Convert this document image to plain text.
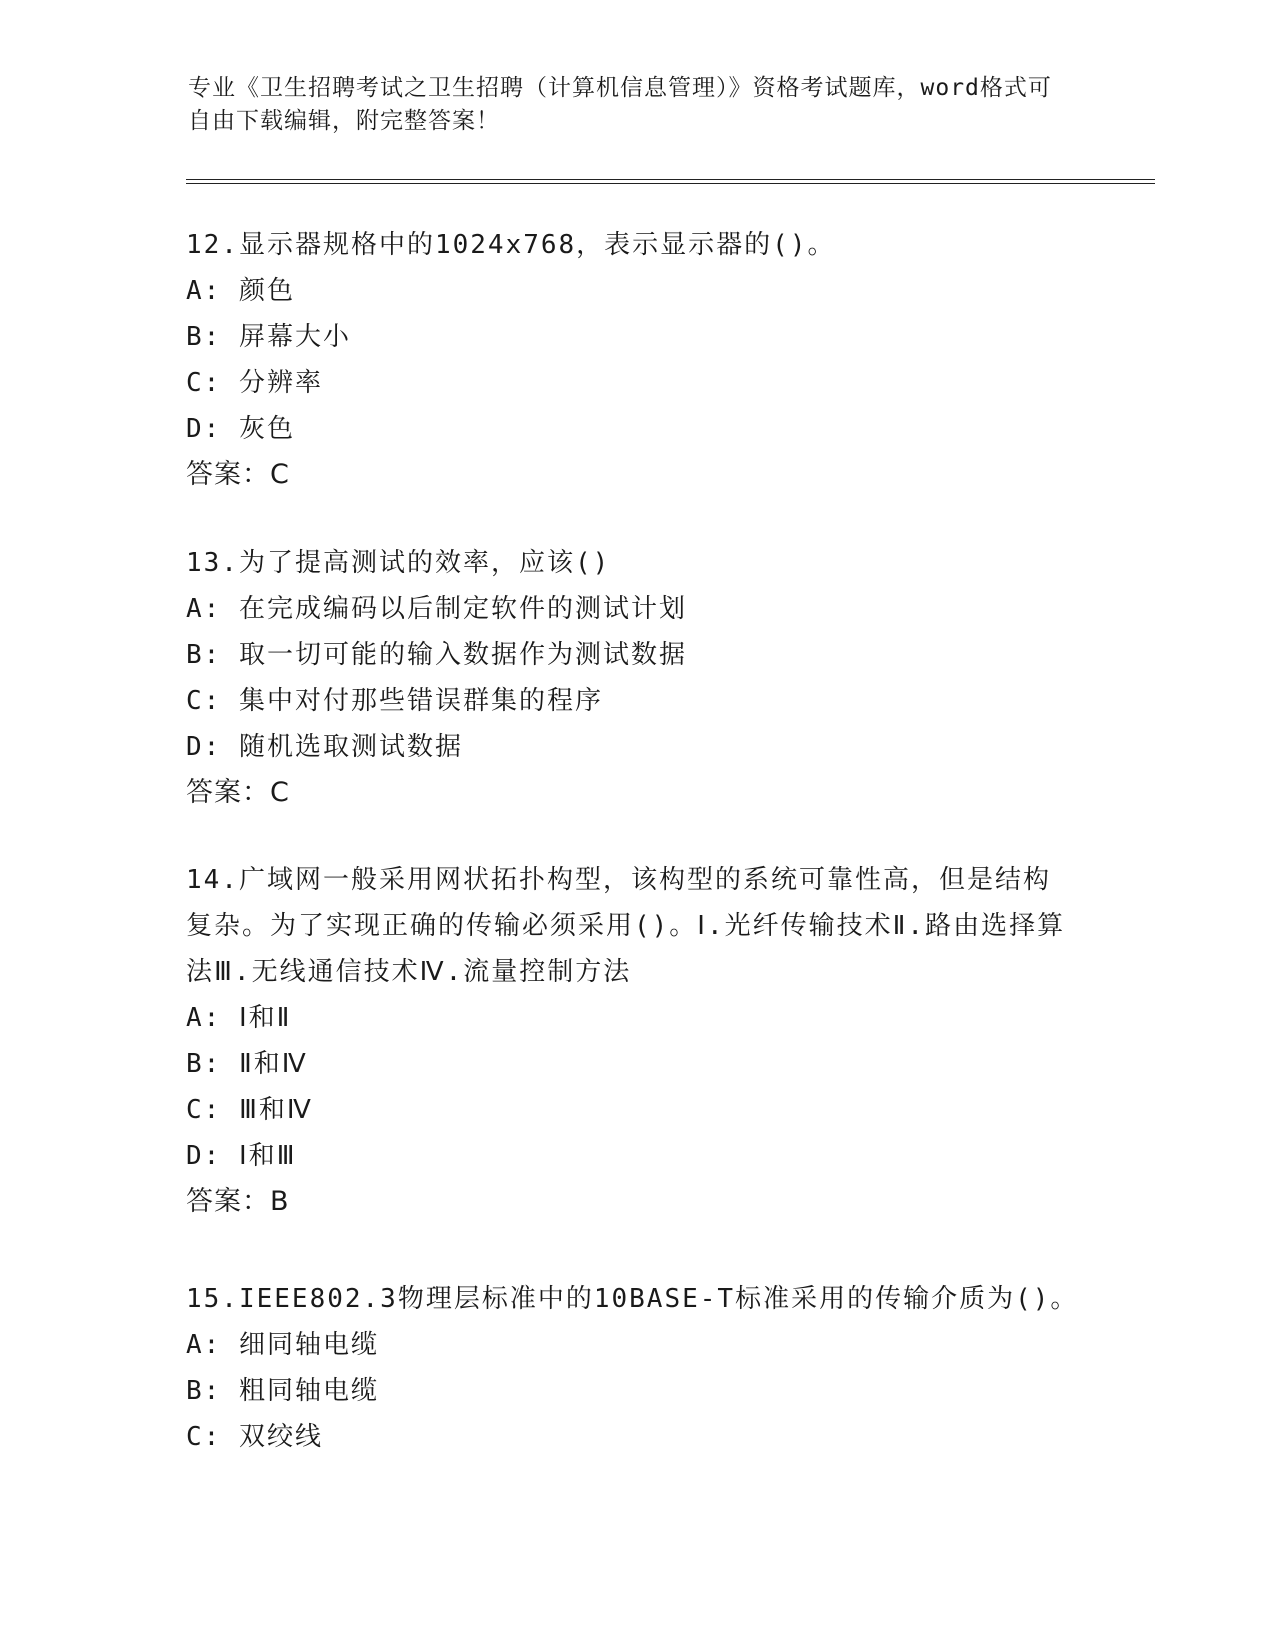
专业《卫生招聘考试之卫生招聘（计算机信息管理）》资格考试题库，word格式可自由下载编辑，附完整答案！
12.显示器规格中的1024x768，表示显示器的()。
A: 颜色
B: 屏幕大小
C: 分辨率
D: 灰色
答案：C
13.为了提高测试的效率，应该()
A: 在完成编码以后制定软件的测试计划
B: 取一切可能的输入数据作为测试数据
C: 集中对付那些错误群集的程序
D: 随机选取测试数据
答案：C
14.广域网一般采用网状拓扑构型，该构型的系统可靠性高，但是结构复杂。为了实现正确的传输必须采用()。Ⅰ.光纤传输技术Ⅱ.路由选择算法Ⅲ.无线通信技术Ⅳ.流量控制方法
A: Ⅰ和Ⅱ
B: Ⅱ和Ⅳ
C: Ⅲ和Ⅳ
D: Ⅰ和Ⅲ
答案：B
15.IEEE802.3物理层标准中的10BASE-T标准采用的传输介质为()。
A: 细同轴电缆
B: 粗同轴电缆
C: 双绞线
